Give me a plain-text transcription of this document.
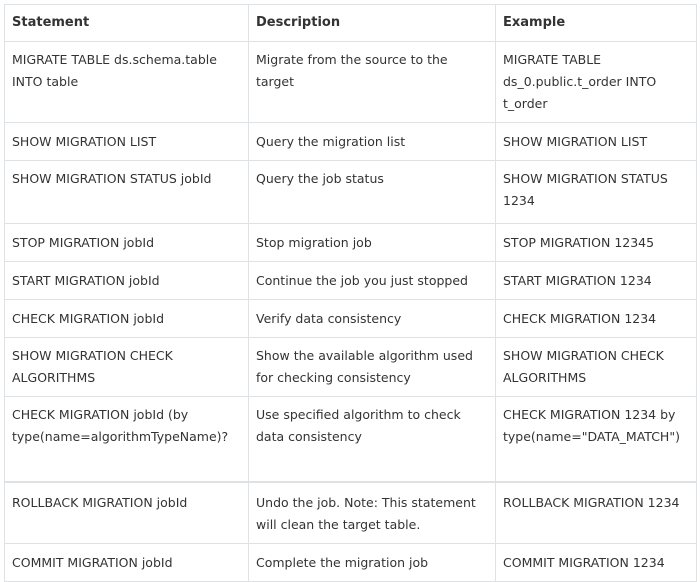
Statement	Description	Example
MIGRATE TABLE ds.schema.table INTO table	Migrate from the source to the target	MIGRATE TABLE ds_0.public.t_order INTO t_order
SHOW MIGRATION LIST	Query the migration list	SHOW MIGRATION LIST
SHOW MIGRATION STATUS jobId	Query the job status	SHOW MIGRATION STATUS 1234
STOP MIGRATION jobId	Stop migration job	STOP MIGRATION 12345
START MIGRATION jobId	Continue the job you just stopped	START MIGRATION 1234
CHECK MIGRATION jobId	Verify data consistency	CHECK MIGRATION 1234
SHOW MIGRATION CHECK ALGORITHMS	Show the available algorithm used for checking consistency	SHOW MIGRATION CHECK ALGORITHMS
CHECK MIGRATION jobId (by type(name=algorithmTypeName)?	Use specified algorithm to check data consistency	CHECK MIGRATION 1234 by type(name="DATA_MATCH")
ROLLBACK MIGRATION jobId	Undo the job. Note: This statement will clean the target table.	ROLLBACK MIGRATION 1234
COMMIT MIGRATION jobId	Complete the migration job	COMMIT MIGRATION 1234
